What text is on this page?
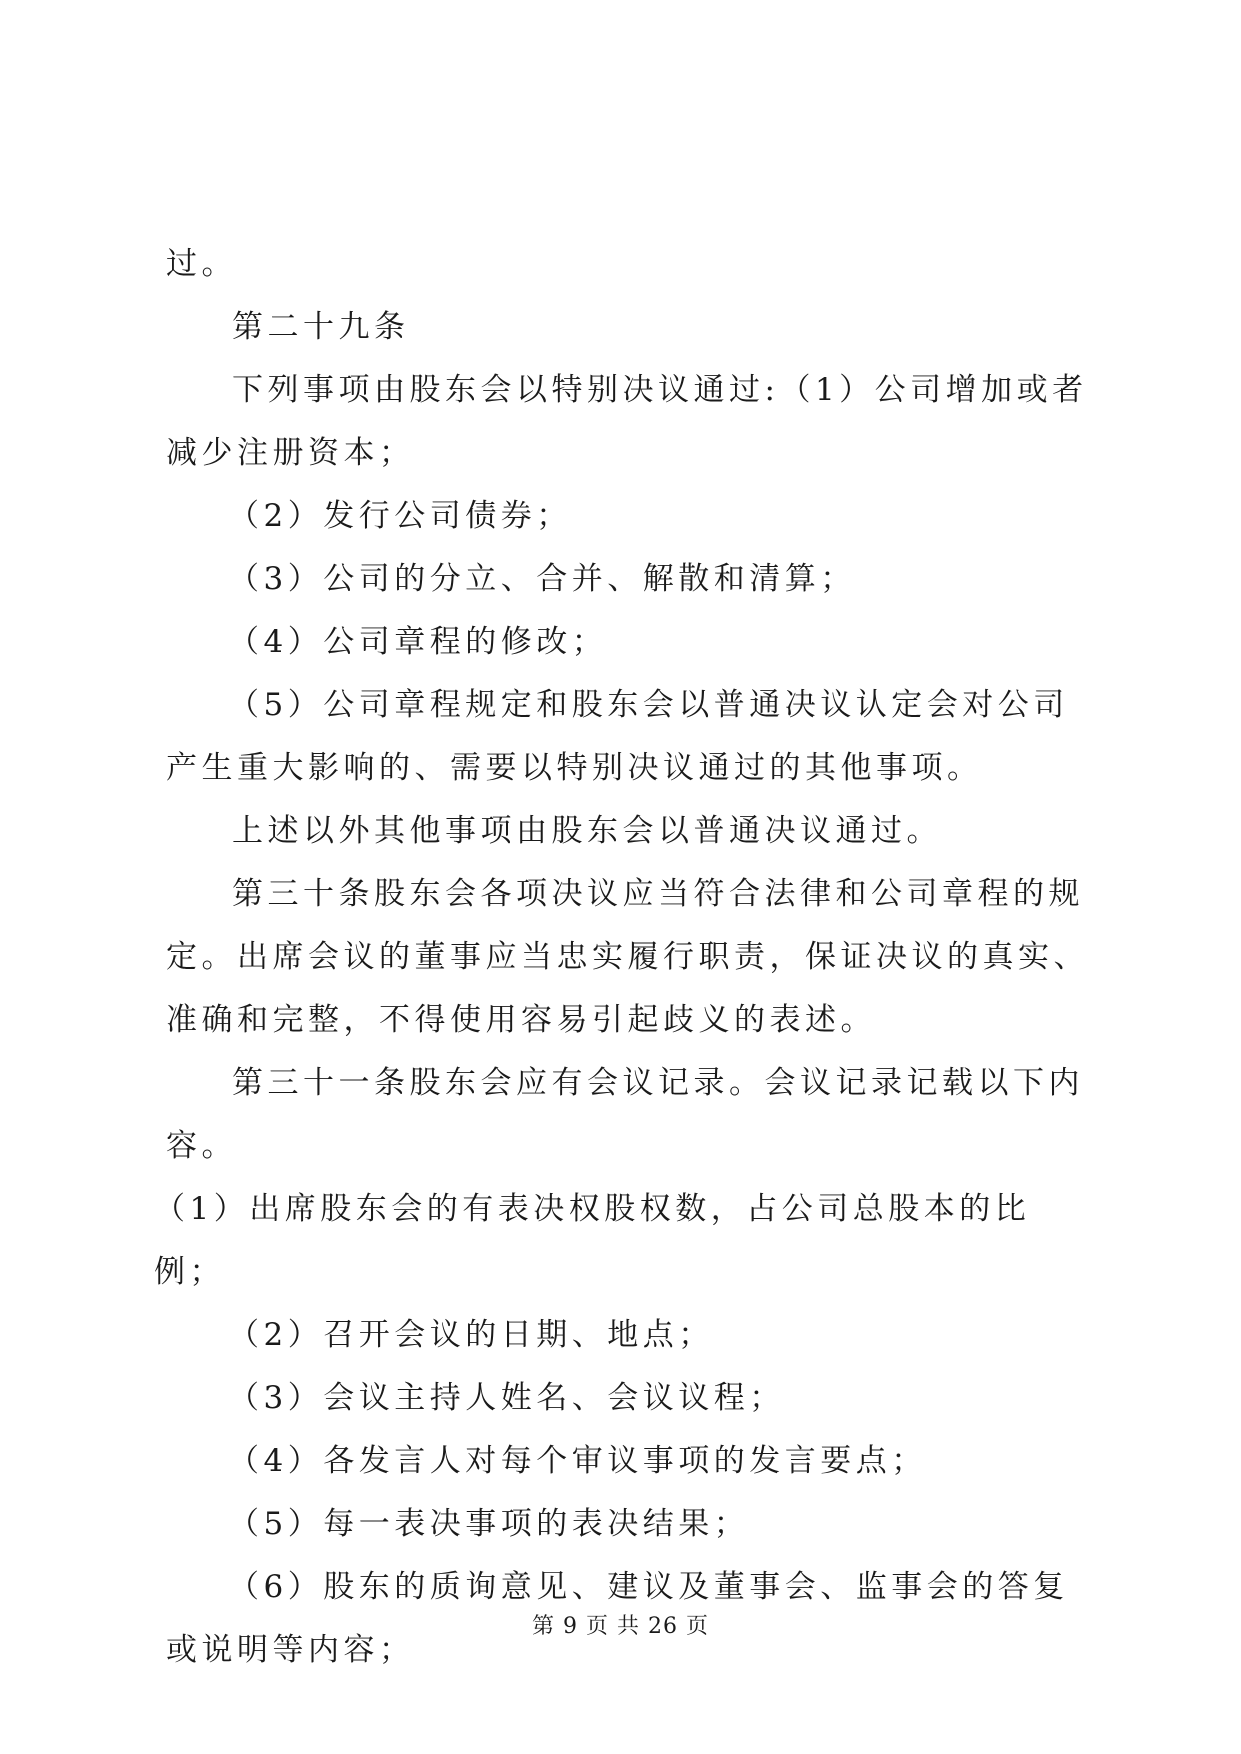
过。

第二十九条

下列事项由股东会以特别决议通过:（1）公司增加或者减少注册资本；

（2）发行公司债券；

（3）公司的分立、合并、解散和清算；

（4）公司章程的修改；

（5）公司章程规定和股东会以普通决议认定会对公司产生重大影响的、需要以特别决议通过的其他事项。

上述以外其他事项由股东会以普通决议通过。

第三十条股东会各项决议应当符合法律和公司章程的规定。出席会议的董事应当忠实履行职责，保证决议的真实、准确和完整，不得使用容易引起歧义的表述。

第三十一条股东会应有会议记录。会议记录记载以下内容。

（1）出席股东会的有表决权股权数，占公司总股本的比例；

（2）召开会议的日期、地点；

（3）会议主持人姓名、会议议程；

（4）各发言人对每个审议事项的发言要点；

（5）每一表决事项的表决结果；

（6）股东的质询意见、建议及董事会、监事会的答复或说明等内容；

第 9 页 共 26 页
